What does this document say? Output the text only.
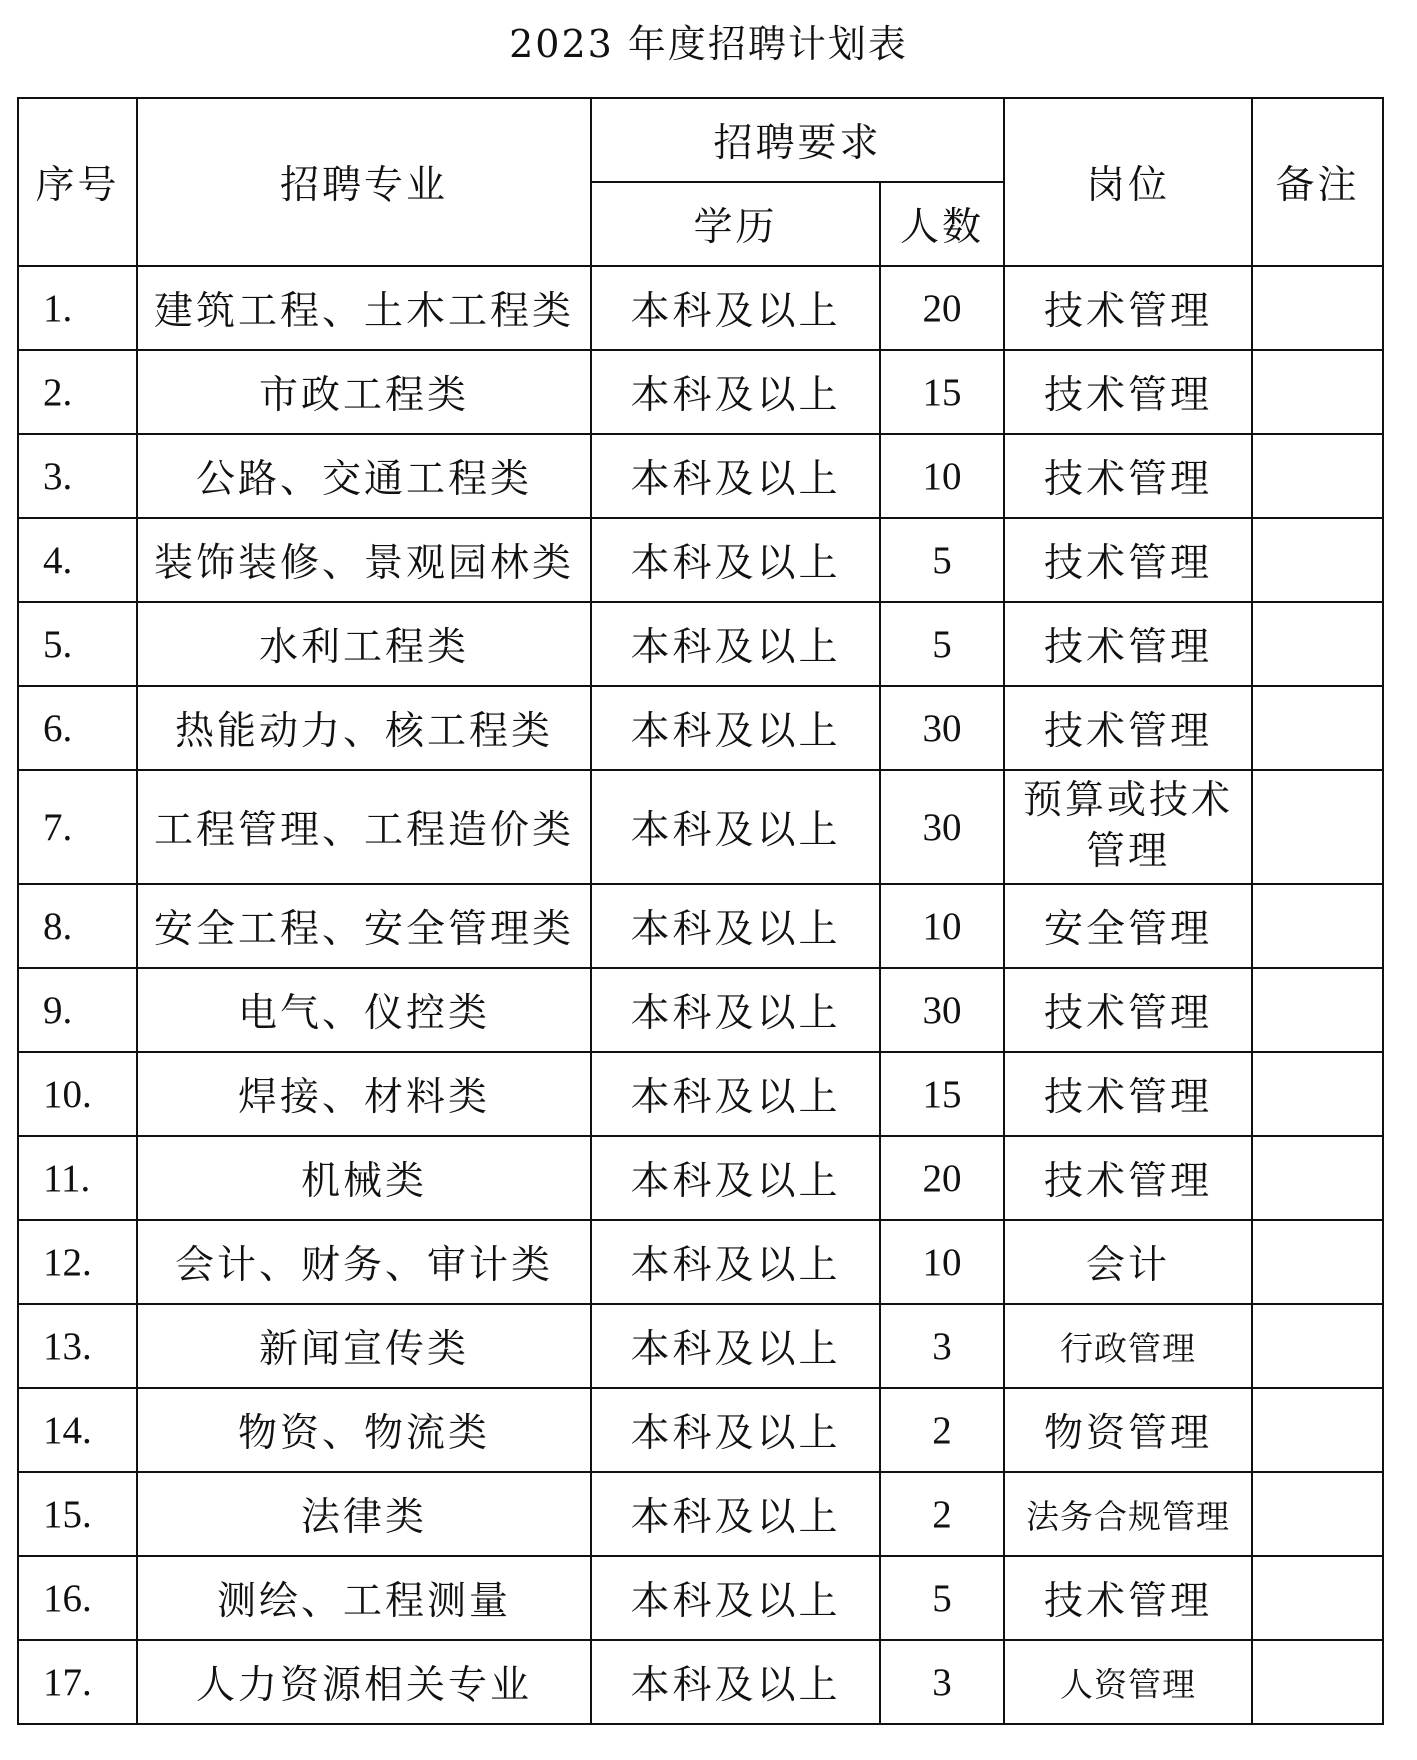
2023 年度招聘计划表
序号	招聘专业	招聘要求		岗位	备注
		学历	人数		
1.	建筑工程、土木工程类	本科及以上	20	技术管理	
2.	市政工程类	本科及以上	15	技术管理	
3.	公路、交通工程类	本科及以上	10	技术管理	
4.	装饰装修、景观园林类	本科及以上	5	技术管理	
5.	水利工程类	本科及以上	5	技术管理	
6.	热能动力、核工程类	本科及以上	30	技术管理	
7.	工程管理、工程造价类	本科及以上	30	预算或技术管理	
8.	安全工程、安全管理类	本科及以上	10	安全管理	
9.	电气、仪控类	本科及以上	30	技术管理	
10.	焊接、材料类	本科及以上	15	技术管理	
11.	机械类	本科及以上	20	技术管理	
12.	会计、财务、审计类	本科及以上	10	会计	
13.	新闻宣传类	本科及以上	3	行政管理	
14.	物资、物流类	本科及以上	2	物资管理	
15.	法律类	本科及以上	2	法务合规管理	
16.	测绘、工程测量	本科及以上	5	技术管理	
17.	人力资源相关专业	本科及以上	3	人资管理	
